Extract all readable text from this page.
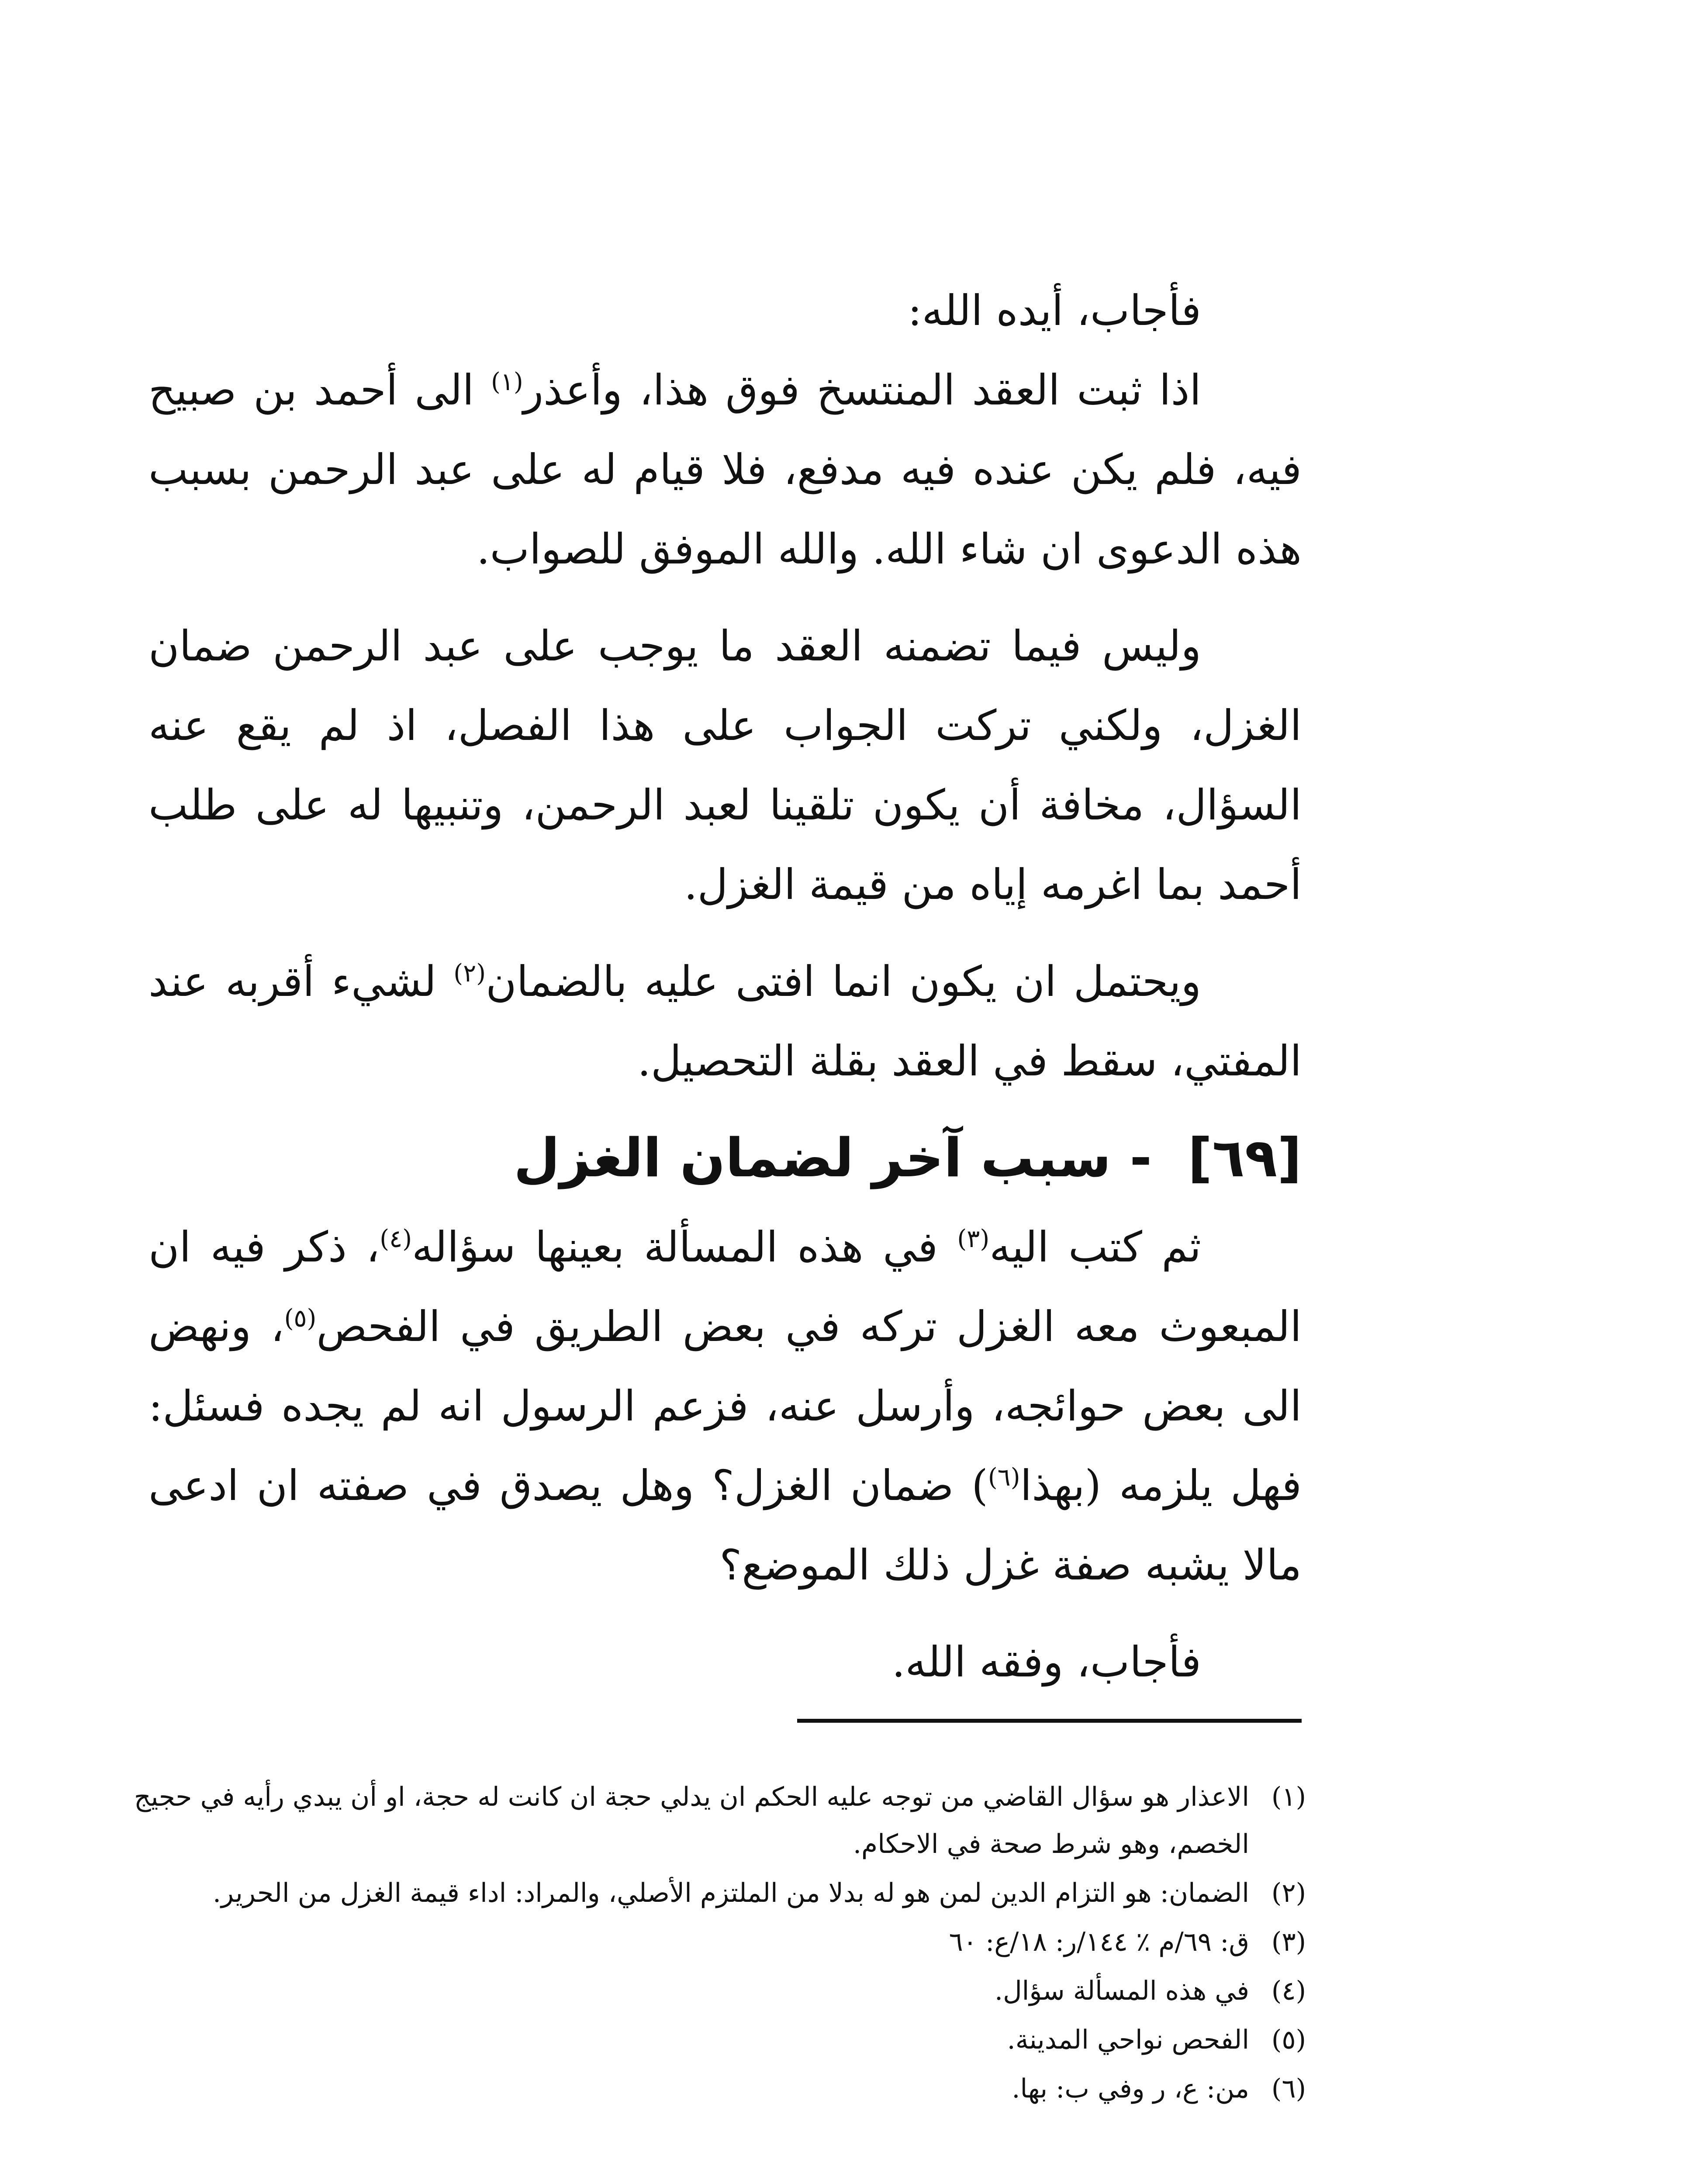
فأجاب، أيده الله:

اذا ثبت العقد المنتسخ فوق هذا، وأعذر$^{(١)}$ الى أحمد بن صبيح فيه، فلم يكن عنده فيه مدفع، فلا قيام له على عبد الرحمن بسبب هذه الدعوى ان شاء الله. والله الموفق للصواب.

وليس فيما تضمنه العقد ما يوجب على عبد الرحمن ضمان الغزل، ولكني تركت الجواب على هذا الفصل، اذ لم يقع عنه السؤال، مخافة أن يكون تلقينا لعبد الرحمن، وتنبيها له على طلب أحمد بما اغرمه إياه من قيمة الغزل.

ويحتمل ان يكون انما افتى عليه بالضمان$^{(٢)}$ لشيء أقربه عند المفتي، سقط في العقد بقلة التحصيل.

[٦٩] - سبب آخر لضمان الغزل

ثم كتب اليه$^{(٣)}$ في هذه المسألة بعينها سؤاله$^{(٤)}$، ذكر فيه ان المبعوث معه الغزل تركه في بعض الطريق في الفحص$^{(٥)}$، ونهض الى بعض حوائجه، وأرسل عنه، فزعم الرسول انه لم يجده فسئل: فهل يلزمه (بهذا$^{(٦)}$) ضمان الغزل؟ وهل يصدق في صفته ان ادعى مالا يشبه صفة غزل ذلك الموضع؟

فأجاب، وفقه الله.

(١)
الاعذار هو سؤال القاضي من توجه عليه الحكم ان يدلي حجة ان كانت له حجة، او أن يبدي رأيه في حجيج الخصم، وهو شرط صحة في الاحكام.
(٢)
الضمان: هو التزام الدين لمن هو له بدلا من الملتزم الأصلي، والمراد: اداء قيمة الغزل من الحرير.
(٣)
ق: ٦٩/م ٪ ١٤٤/ر: ١٨/ع: ٦٠
(٤)
في هذه المسألة سؤال.
(٥)
الفحص نواحي المدينة.
(٦)
من: ع، ر وفي ب: بها.
